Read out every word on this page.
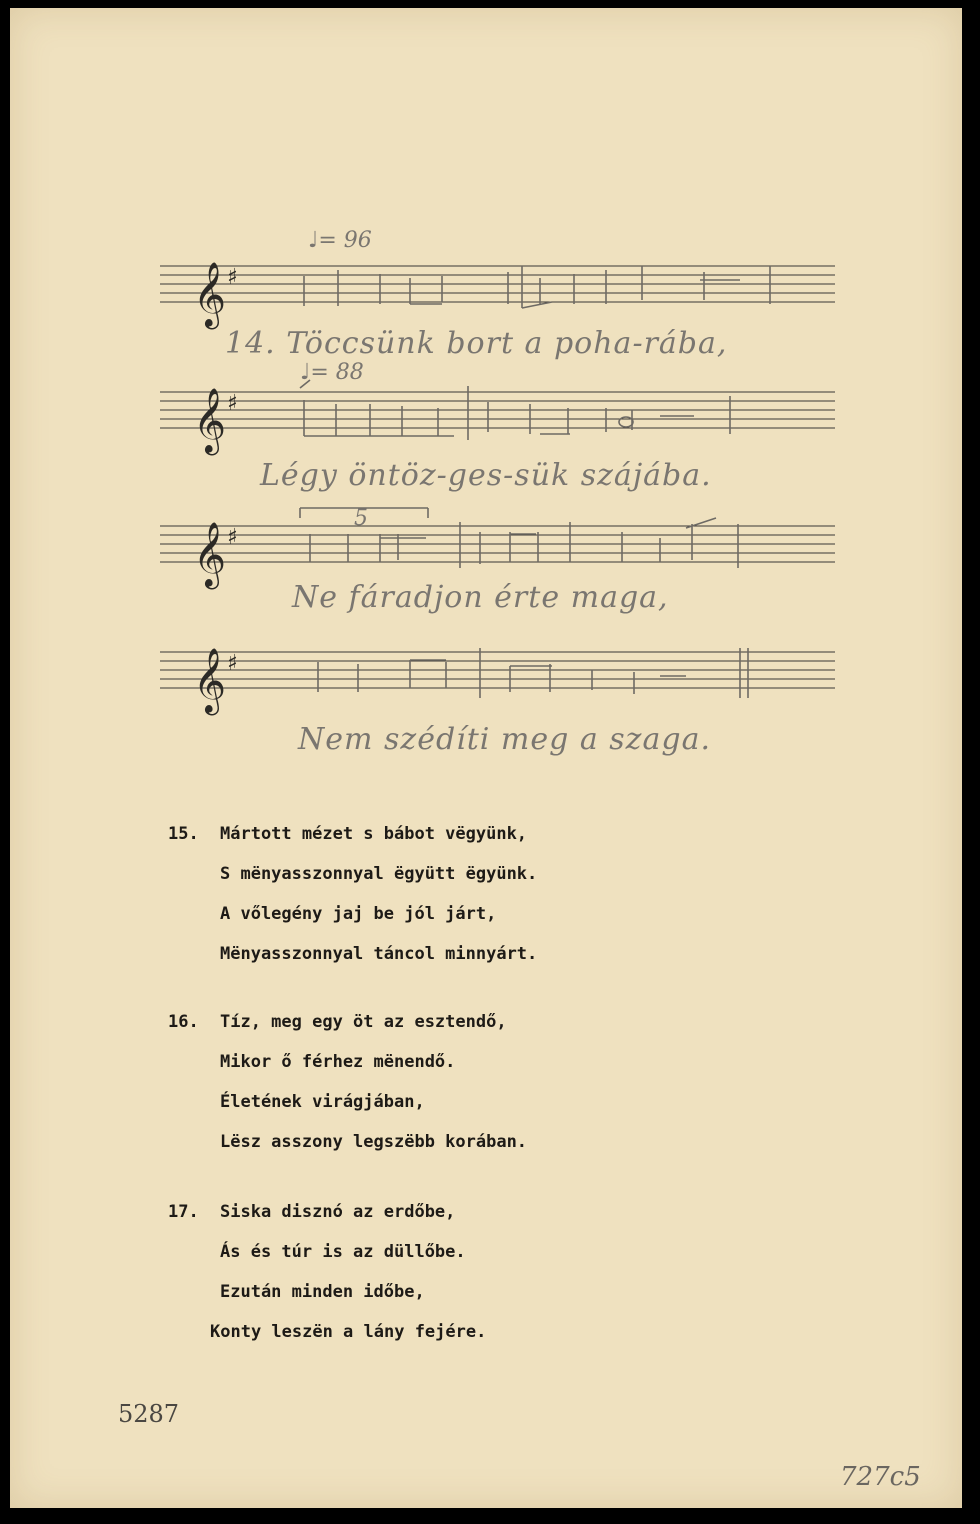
𝄞
𝄞
𝄞
𝄞
♯
♯
♯
♯
♩= 96
♩= 88
5
14. Töccsünk bort a poha-rába,
Légy öntöz-ges-sük szájába.
Ne fáradjon érte maga,
Nem szédíti meg a szaga.
15. Mártott mézet s bábot vëgyünk,
S mënyasszonnyal ëgyütt ëgyünk.
A vőlegény jaj be jól járt,
Mënyasszonnyal táncol minnyárt.
16. Tíz, meg egy öt az esztendő,
Mikor ő férhez mënendő.
Életének virágjában,
Lësz asszony legszëbb korában.
17. Siska disznó az erdőbe,
Ás és túr is az düllőbe.
Ezután minden időbe,
Konty leszën a lány fejére.
5287
727c5
